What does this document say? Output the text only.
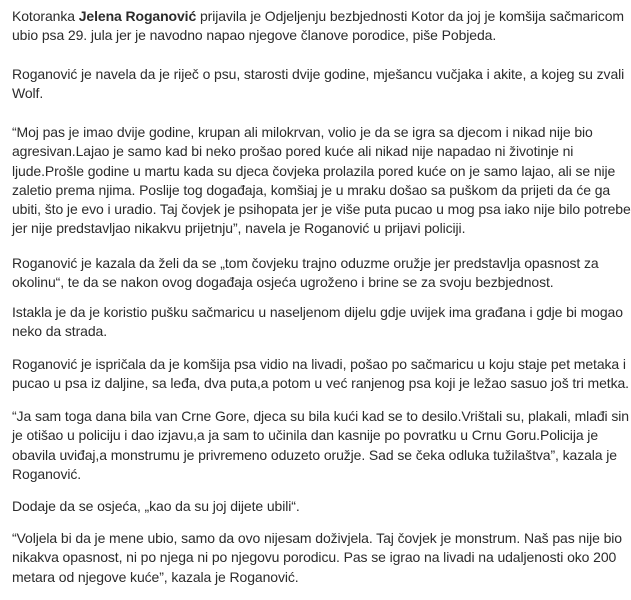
Kotoranka Jelena Roganović prijavila je Odjeljenju bezbjednosti Kotor da joj je komšija sačmaricom
ubio psa 29. jula jer je navodno napao njegove članove porodice, piše Pobjeda.

Roganović je navela da je riječ o psu, starosti dvije godine, mješancu vučjaka i akite, a kojeg su zvali
Wolf.

“Moj pas je imao dvije godine, krupan ali milokrvan, volio je da se igra sa djecom i nikad nije bio
agresivan.Lajao je samo kad bi neko prošao pored kuće ali nikad nije napadao ni životinje ni
ljude.Prošle godine u martu kada su djeca čovjeka prolazila pored kuće on je samo lajao, ali se nije
zaletio prema njima. Poslije tog događaja, komšiaj je u mraku došao sa puškom da prijeti da će ga
ubiti, što je evo i uradio. Taj čovjek je psihopata jer je više puta pucao u mog psa iako nije bilo potrebe
jer nije predstavljao nikakvu prijetnju”, navela je Roganović u prijavi policiji.

Roganović je kazala da želi da se „tom čovjeku trajno oduzme oružje jer predstavlja opasnost za
okolinu“, te da se nakon ovog događaja osjeća ugroženo i brine se za svoju bezbjednost.

Istakla je da je koristio pušku sačmaricu u naseljenom dijelu gdje uvijek ima građana i gdje bi mogao
neko da strada.

Roganović je ispričala da je komšija psa vidio na livadi, pošao po sačmaricu u koju staje pet metaka i
pucao u psa iz daljine, sa leđa, dva puta,a potom u već ranjenog psa koji je ležao sasuo još tri metka.

“Ja sam toga dana bila van Crne Gore, djeca su bila kući kad se to desilo.Vrištali su, plakali, mlađi sin
je otišao u policiju i dao izjavu,a ja sam to učinila dan kasnije po povratku u Crnu Goru.Policija je
obavila uviđaj,a monstrumu je privremeno oduzeto oružje. Sad se čeka odluka tužilaštva”, kazala je
Roganović.

Dodaje da se osjeća, „kao da su joj dijete ubili“.

“Voljela bi da je mene ubio, samo da ovo nijesam doživjela. Taj čovjek je monstrum. Naš pas nije bio
nikakva opasnost, ni po njega ni po njegovu porodicu. Pas se igrao na livadi na udaljenosti oko 200
metara od njegove kuće”, kazala je Roganović.
